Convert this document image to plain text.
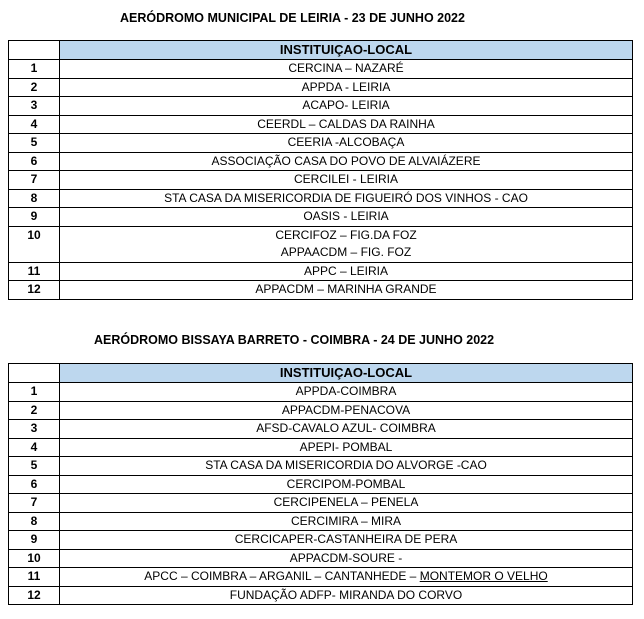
AERÓDROMO MUNICIPAL DE LEIRIA - 23 DE JUNHO 2022
	INSTITUIÇAO-LOCAL
1	CERCINA – NAZARÉ
2	APPDA - LEIRIA
3	ACAPO- LEIRIA
4	CEERDL – CALDAS DA RAINHA
5	CEERIA -ALCOBAÇA
6	ASSOCIAÇÃO CASA DO POVO DE ALVAIÁZERE
7	CERCILEI - LEIRIA
8	STA CASA DA MISERICORDIA DE FIGUEIRÓ DOS VINHOS - CAO
9	OASIS - LEIRIA
10	CERCIFOZ – FIG.DA FOZ
APPAACDM – FIG. FOZ

11	APPC – LEIRIA
12	APPACDM – MARINHA GRANDE
AERÓDROMO BISSAYA BARRETO - COIMBRA - 24 DE JUNHO 2022
	INSTITUIÇAO-LOCAL
1	APPDA-COIMBRA
2	APPACDM-PENACOVA
3	AFSD-CAVALO AZUL- COIMBRA
4	APEPI- POMBAL
5	STA CASA DA MISERICORDIA DO ALVORGE -CAO
6	CERCIPOM-POMBAL
7	CERCIPENELA – PENELA
8	CERCIMIRA – MIRA
9	CERCICAPER-CASTANHEIRA DE PERA
10	APPACDM-SOURE -
11	APCC – COIMBRA – ARGANIL – CANTANHEDE – MONTEMOR O VELHO
12	FUNDAÇÃO ADFP- MIRANDA DO CORVO
